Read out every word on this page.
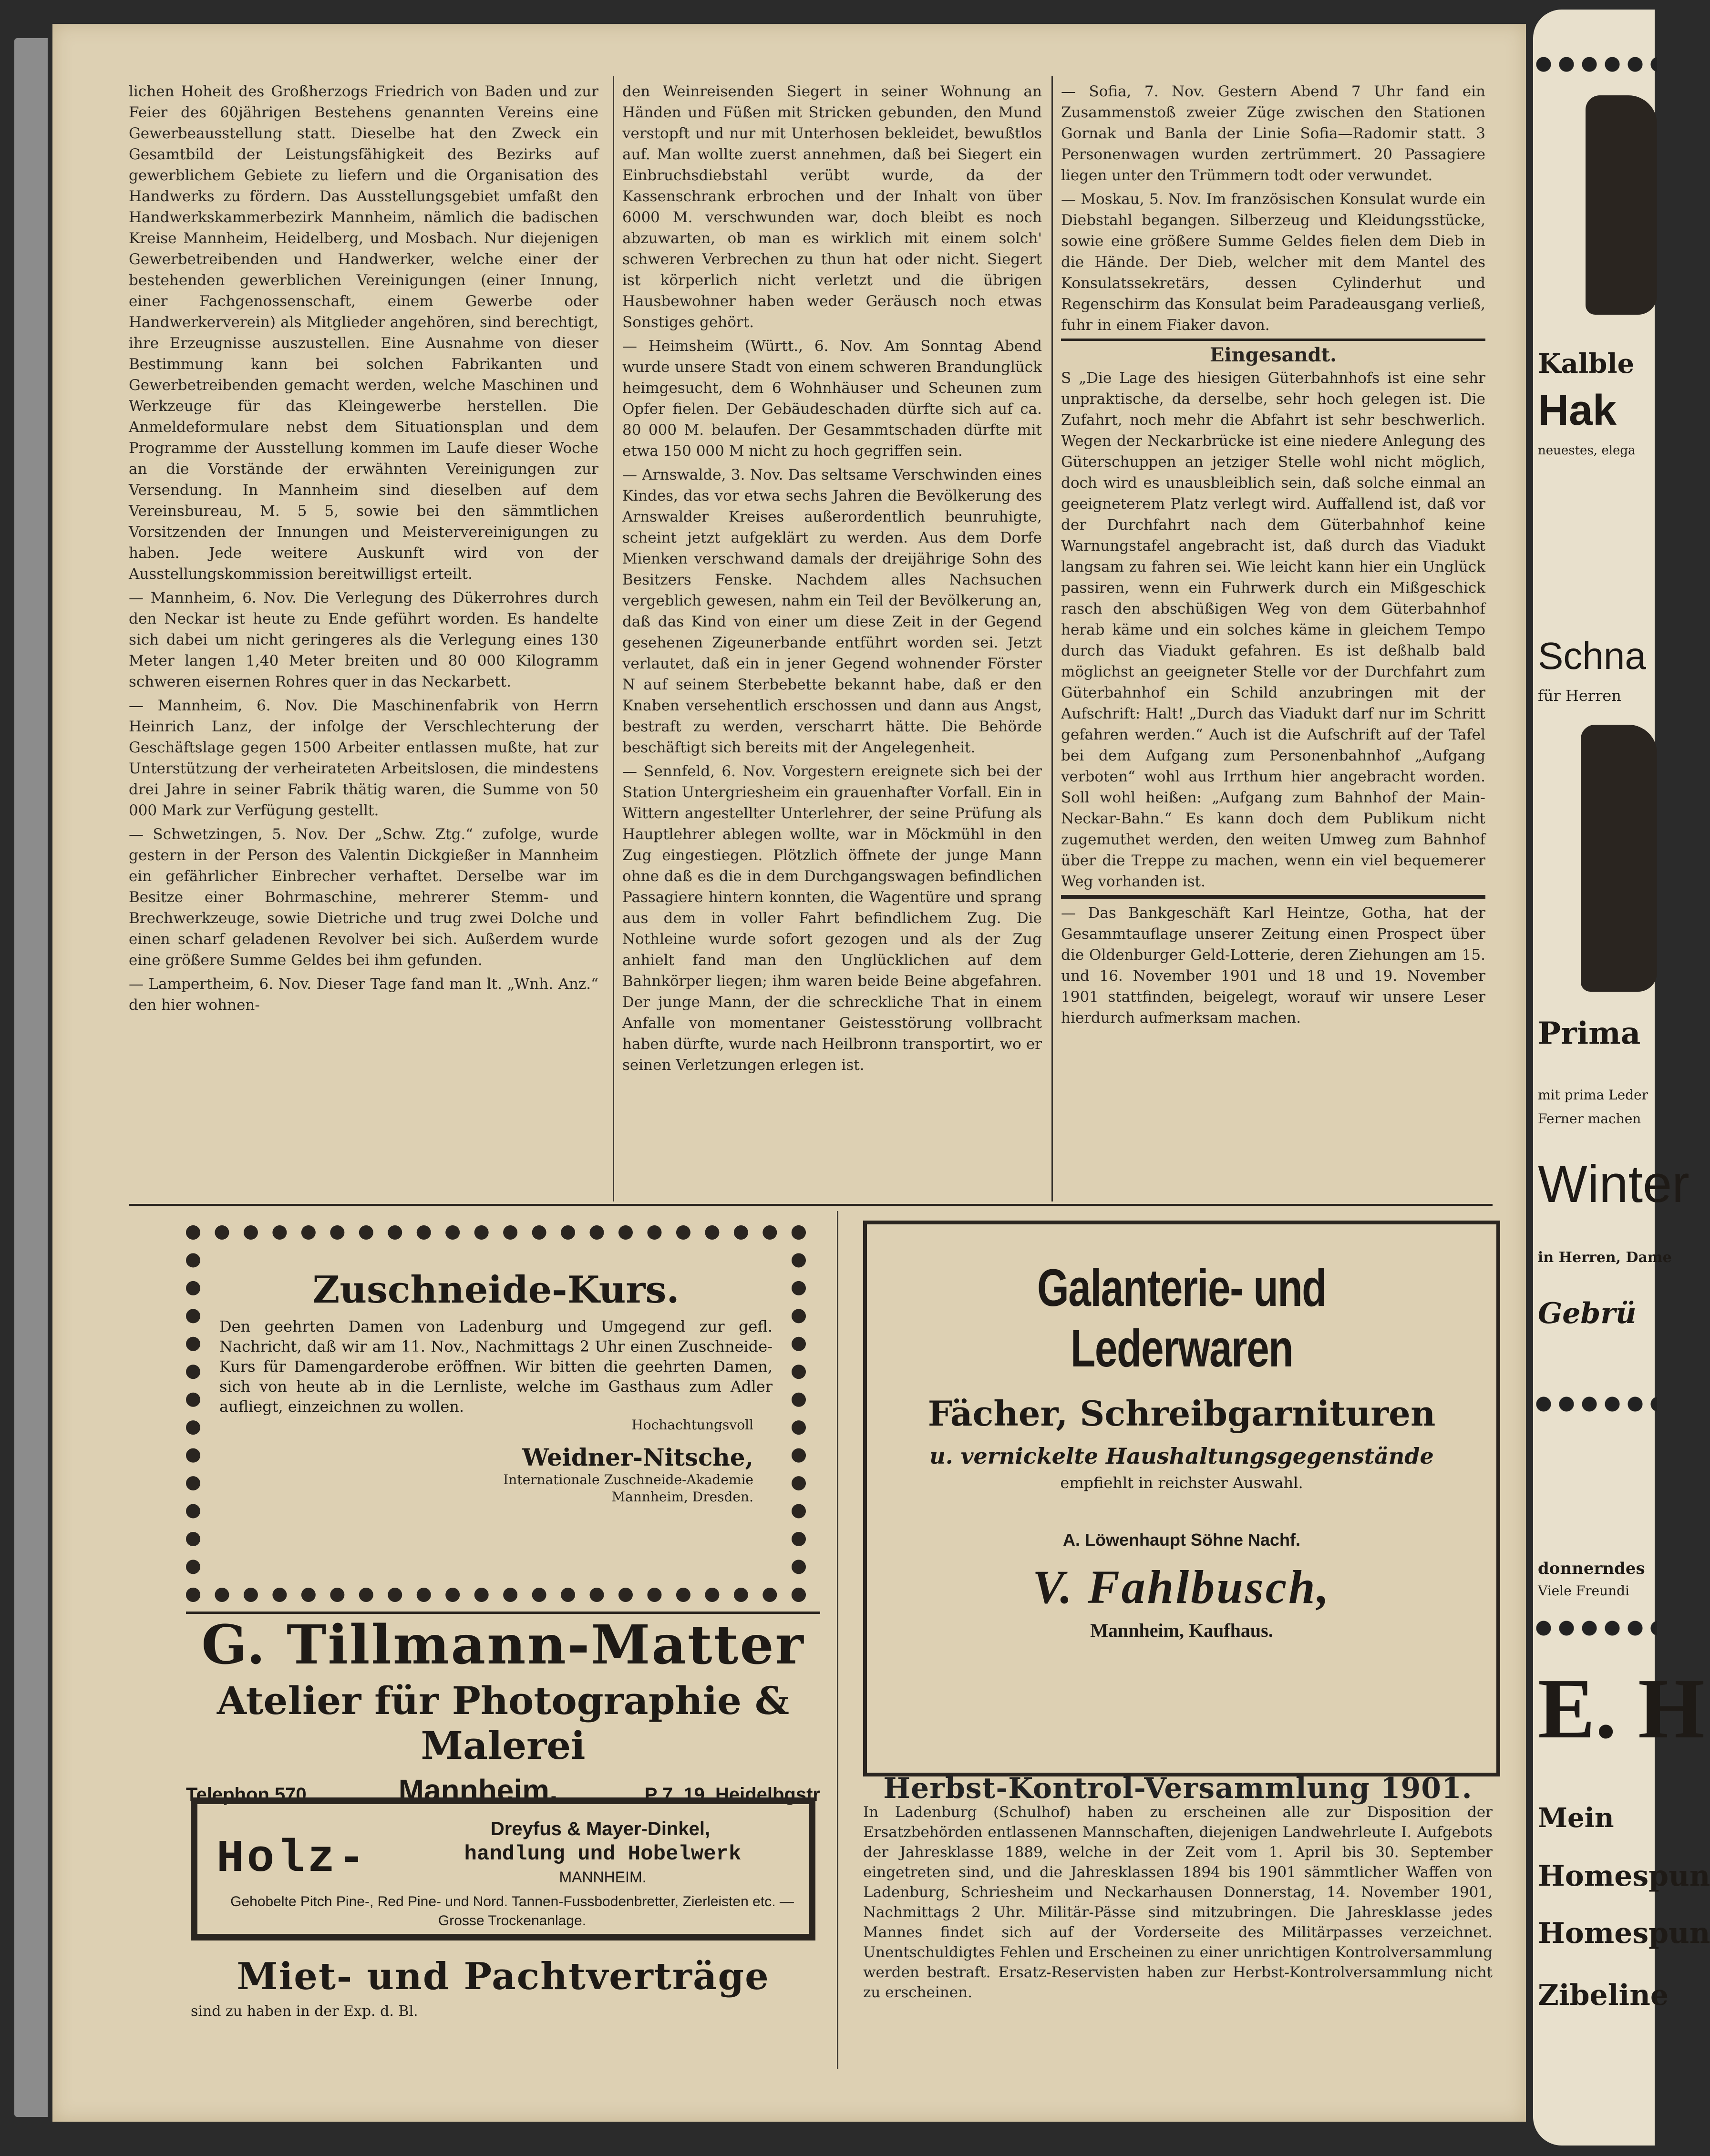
lichen Hoheit des Großherzogs Friedrich von Baden und zur Feier des 60jährigen Bestehens genannten Vereins eine Gewerbeausstellung statt. Dieselbe hat den Zweck ein Gesamtbild der Leistungsfähigkeit des Bezirks auf gewerblichem Gebiete zu liefern und die Organisation des Handwerks zu fördern. Das Ausstellungsgebiet umfaßt den Handwerkskammerbezirk Mannheim, nämlich die badischen Kreise Mannheim, Heidelberg, und Mosbach. Nur diejenigen Gewerbetreibenden und Handwerker, welche einer der bestehenden gewerblichen Vereinigungen (einer Innung, einer Fachgenossenschaft, einem Gewerbe oder Handwerkerverein) als Mitglieder angehören, sind berechtigt, ihre Erzeugnisse auszustellen. Eine Ausnahme von dieser Bestimmung kann bei solchen Fabrikanten und Gewerbetreibenden gemacht werden, welche Maschinen und Werkzeuge für das Kleingewerbe herstellen. Die Anmeldeformulare nebst dem Situationsplan und dem Programme der Ausstellung kommen im Laufe dieser Woche an die Vorstände der erwähnten Vereinigungen zur Versendung. In Mannheim sind dieselben auf dem Vereinsbureau, M. 5 5, sowie bei den sämmtlichen Vorsitzenden der Innungen und Meistervereinigungen zu haben. Jede weitere Auskunft wird von der Ausstellungskommission bereitwilligst erteilt.

— Mannheim, 6. Nov. Die Verlegung des Dükerrohres durch den Neckar ist heute zu Ende geführt worden. Es handelte sich dabei um nicht geringeres als die Verlegung eines 130 Meter langen 1,40 Meter breiten und 80 000 Kilogramm schweren eisernen Rohres quer in das Neckarbett.

— Mannheim, 6. Nov. Die Maschinenfabrik von Herrn Heinrich Lanz, der infolge der Verschlechterung der Geschäftslage gegen 1500 Arbeiter entlassen mußte, hat zur Unterstützung der verheirateten Arbeitslosen, die mindestens drei Jahre in seiner Fabrik thätig waren, die Summe von 50 000 Mark zur Verfügung gestellt.

— Schwetzingen, 5. Nov. Der „Schw. Ztg.“ zufolge, wurde gestern in der Person des Valentin Dickgießer in Mannheim ein gefährlicher Einbrecher verhaftet. Derselbe war im Besitze einer Bohrmaschine, mehrerer Stemm- und Brechwerkzeuge, sowie Dietriche und trug zwei Dolche und einen scharf geladenen Revolver bei sich. Außerdem wurde eine größere Summe Geldes bei ihm gefunden.

— Lampertheim, 6. Nov. Dieser Tage fand man lt. „Wnh. Anz.“ den hier wohnen-

den Weinreisenden Siegert in seiner Wohnung an Händen und Füßen mit Stricken gebunden, den Mund verstopft und nur mit Unterhosen bekleidet, bewußtlos auf. Man wollte zuerst annehmen, daß bei Siegert ein Einbruchsdiebstahl verübt wurde, da der Kassenschrank erbrochen und der Inhalt von über 6000 M. verschwunden war, doch bleibt es noch abzuwarten, ob man es wirklich mit einem solch' schweren Verbrechen zu thun hat oder nicht. Siegert ist körperlich nicht verletzt und die übrigen Hausbewohner haben weder Geräusch noch etwas Sonstiges gehört.

— Heimsheim (Württ., 6. Nov. Am Sonntag Abend wurde unsere Stadt von einem schweren Brandunglück heimgesucht, dem 6 Wohnhäuser und Scheunen zum Opfer fielen. Der Gebäudeschaden dürfte sich auf ca. 80 000 M. belaufen. Der Gesammtschaden dürfte mit etwa 150 000 M nicht zu hoch gegriffen sein.

— Arnswalde, 3. Nov. Das seltsame Verschwinden eines Kindes, das vor etwa sechs Jahren die Bevölkerung des Arnswalder Kreises außerordentlich beunruhigte, scheint jetzt aufgeklärt zu werden. Aus dem Dorfe Mienken verschwand damals der dreijährige Sohn des Besitzers Fenske. Nachdem alles Nachsuchen vergeblich gewesen, nahm ein Teil der Bevölkerung an, daß das Kind von einer um diese Zeit in der Gegend gesehenen Zigeunerbande entführt worden sei. Jetzt verlautet, daß ein in jener Gegend wohnender Förster N auf seinem Sterbebette bekannt habe, daß er den Knaben versehentlich erschossen und dann aus Angst, bestraft zu werden, verscharrt hätte. Die Behörde beschäftigt sich bereits mit der Angelegenheit.

— Sennfeld, 6. Nov. Vorgestern ereignete sich bei der Station Untergriesheim ein grauenhafter Vorfall. Ein in Wittern angestellter Unterlehrer, der seine Prüfung als Hauptlehrer ablegen wollte, war in Möckmühl in den Zug eingestiegen. Plötzlich öffnete der junge Mann ohne daß es die in dem Durchgangswagen befindlichen Passagiere hintern konnten, die Wagentüre und sprang aus dem in voller Fahrt befindlichem Zug. Die Nothleine wurde sofort gezogen und als der Zug anhielt fand man den Unglücklichen auf dem Bahnkörper liegen; ihm waren beide Beine abgefahren. Der junge Mann, der die schreckliche That in einem Anfalle von momentaner Geistesstörung vollbracht haben dürfte, wurde nach Heilbronn transportirt, wo er seinen Verletzungen erlegen ist.

— Sofia, 7. Nov. Gestern Abend 7 Uhr fand ein Zusammenstoß zweier Züge zwischen den Stationen Gornak und Banla der Linie Sofia—Radomir statt. 3 Personenwagen wurden zertrümmert. 20 Passagiere liegen unter den Trümmern todt oder verwundet.

— Moskau, 5. Nov. Im französischen Konsulat wurde ein Diebstahl begangen. Silberzeug und Kleidungsstücke, sowie eine größere Summe Geldes fielen dem Dieb in die Hände. Der Dieb, welcher mit dem Mantel des Konsulatssekretärs, dessen Cylinderhut und Regenschirm das Konsulat beim Paradeausgang verließ, fuhr in einem Fiaker davon.

Eingesandt.

S „Die Lage des hiesigen Güterbahnhofs ist eine sehr unpraktische, da derselbe, sehr hoch gelegen ist. Die Zufahrt, noch mehr die Abfahrt ist sehr beschwerlich. Wegen der Neckarbrücke ist eine niedere Anlegung des Güterschuppen an jetziger Stelle wohl nicht möglich, doch wird es unausbleiblich sein, daß solche einmal an geeigneterem Platz verlegt wird. Auffallend ist, daß vor der Durchfahrt nach dem Güterbahnhof keine Warnungstafel angebracht ist, daß durch das Viadukt langsam zu fahren sei. Wie leicht kann hier ein Unglück passiren, wenn ein Fuhrwerk durch ein Mißgeschick rasch den abschüßigen Weg von dem Güterbahnhof herab käme und ein solches käme in gleichem Tempo durch das Viadukt gefahren. Es ist deßhalb bald möglichst an geeigneter Stelle vor der Durchfahrt zum Güterbahnhof ein Schild anzubringen mit der Aufschrift: Halt! „Durch das Viadukt darf nur im Schritt gefahren werden.“ Auch ist die Aufschrift auf der Tafel bei dem Aufgang zum Personenbahnhof „Aufgang verboten“ wohl aus Irrthum hier angebracht worden. Soll wohl heißen: „Aufgang zum Bahnhof der Main-Neckar-Bahn.“ Es kann doch dem Publikum nicht zugemuthet werden, den weiten Umweg zum Bahnhof über die Treppe zu machen, wenn ein viel bequemerer Weg vorhanden ist.

— Das Bankgeschäft Karl Heintze, Gotha, hat der Gesammtauflage unserer Zeitung einen Prospect über die Oldenburger Geld-Lotterie, deren Ziehungen am 15. und 16. November 1901 und 18 und 19. November 1901 stattfinden, beigelegt, worauf wir unsere Leser hierdurch aufmerksam machen.

Zuschneide-Kurs.
Den geehrten Damen von Ladenburg und Umgegend zur gefl. Nachricht, daß wir am 11. Nov., Nachmittags 2 Uhr einen Zuschneide-Kurs für Damengarderobe eröffnen. Wir bitten die geehrten Damen, sich von heute ab in die Lernliste, welche im Gasthaus zum Adler aufliegt, einzeichnen zu wollen.
Hochachtungsvoll
Weidner-Nitsche,
Internationale Zuschneide-Akademie
Mannheim, Dresden.
Galanterie- und Lederwaren
Fächer, Schreibgarnituren
u. vernickelte Haushaltungsgegenstände
empfiehlt in reichster Auswahl.
A. Löwenhaupt Söhne Nachf.
V. Fahlbusch,
Mannheim, Kaufhaus.
G. Tillmann-Matter
Atelier für Photographie & Malerei
Telephon 570.	Mannheim.	P 7, 19, Heidelbgstr
Holz-
Dreyfus & Mayer-Dinkel,
handlung und Hobelwerk
MANNHEIM.
Gehobelte Pitch Pine-, Red Pine- und Nord. Tannen-Fussbodenbretter, Zierleisten etc. — Grosse Trockenanlage.
Miet- und Pachtverträge
sind zu haben in der Exp. d. Bl.
Herbst-Kontrol-Versammlung 1901.
In Ladenburg (Schulhof) haben zu erscheinen alle zur Disposition der Ersatzbehörden entlassenen Mannschaften, diejenigen Landwehrleute I. Aufgebots der Jahresklasse 1889, welche in der Zeit vom 1. April bis 30. September eingetreten sind, und die Jahresklassen 1894 bis 1901 sämmtlicher Waffen von Ladenburg, Schriesheim und Neckarhausen Donnerstag, 14. November 1901, Nachmittags 2 Uhr. Militär-Pässe sind mitzubringen. Die Jahresklasse jedes Mannes findet sich auf der Vorderseite des Militärpasses verzeichnet. Unentschuldigtes Fehlen und Erscheinen zu einer unrichtigen Kontrolversammlung werden bestraft. Ersatz-Reservisten haben zur Herbst-Kontrolversammlung nicht zu erscheinen.
Kalble
Hak
neuestes, elega
Schna
für Herren
Prima
mit prima Leder
Ferner machen
Winter
in Herren, Dame
Gebrü
donnerndes
Viele Freundi
E. H
Mein
Homespun
Homespun
Zibeline
